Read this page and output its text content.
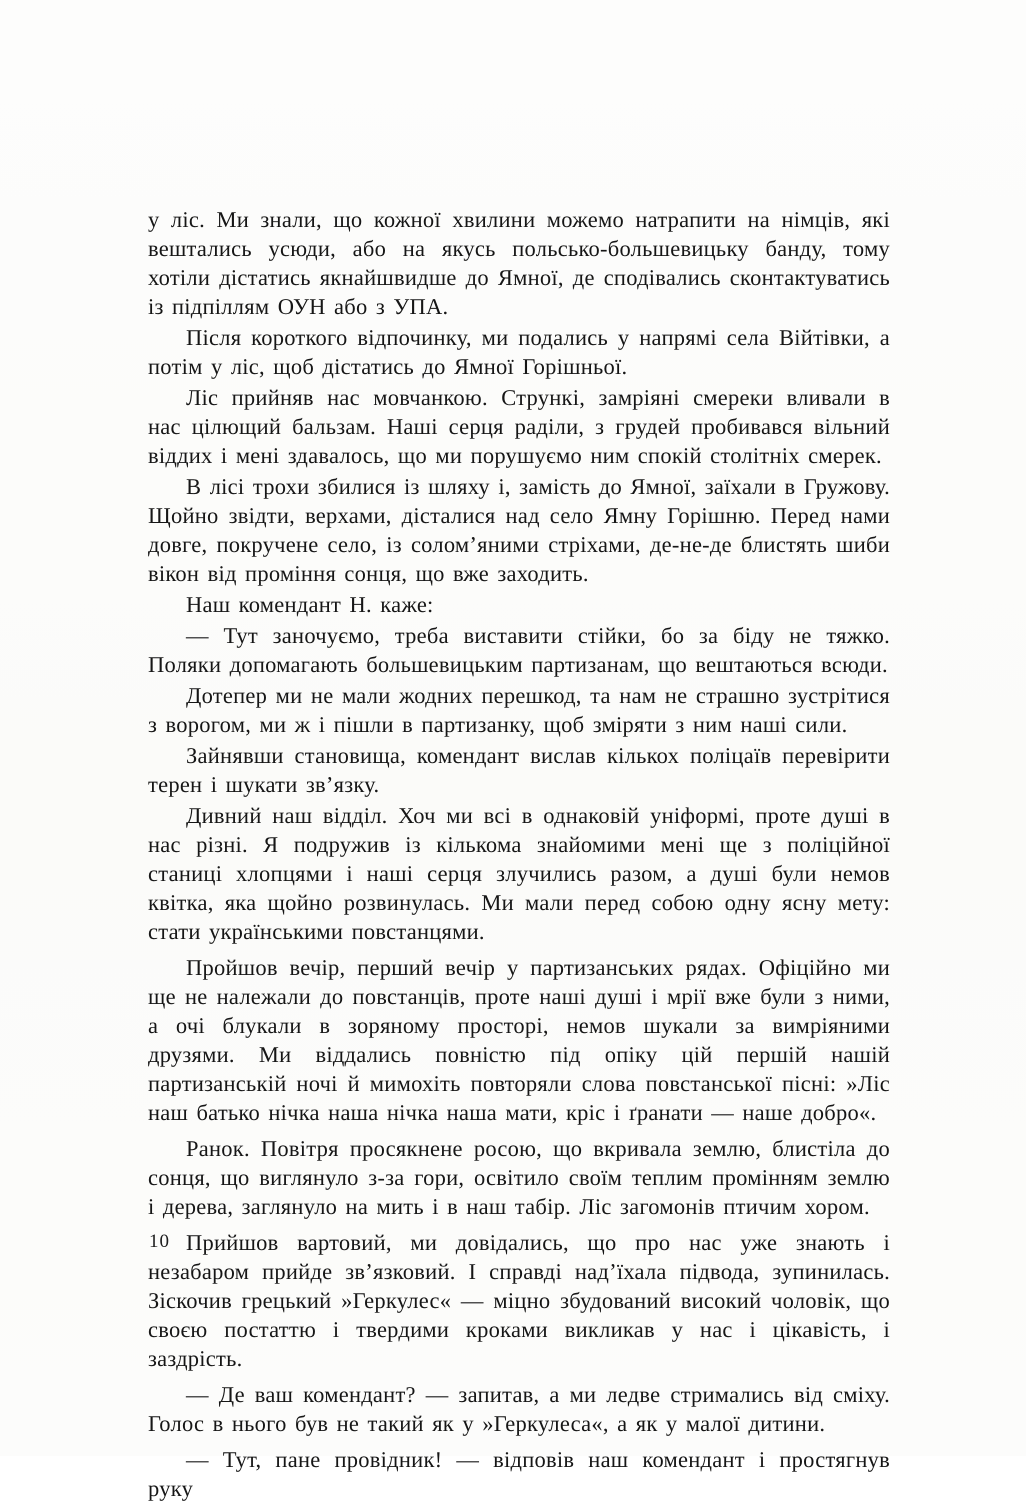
у ліс. Ми знали, що кожної хвилини можемо натрапити на німців, які вештались усюди, або на якусь польсько-большевицьку банду, тому хотіли дістатись якнайшвидше до Ямної, де сподівались сконтактуватись із підпіллям ОУН або з УПА.

Після короткого відпочинку, ми подались у напрямі села Війтівки, а потім у ліс, щоб дістатись до Ямної Горішньої.

Ліс прийняв нас мовчанкою. Стрункі, замріяні смереки вливали в нас цілющий бальзам. Наші серця раділи, з грудей пробивався вільний віддих і мені здавалось, що ми порушуємо ним спокій столітніх смерек.

В лісі трохи збилися із шляху і, замість до Ямної, заїхали в Гружову. Щойно звідти, верхами, дісталися над село Ямну Горішню. Перед нами довге, покручене село, із солом’яними стріхами, де-не-де блистять шиби вікон від проміння сонця, що вже заходить.

Наш комендант Н. каже:

— Тут заночуємо, треба виставити стійки, бо за біду не тяжко. Поляки допомагають большевицьким партизанам, що вештаються всюди.

Дотепер ми не мали жодних перешкод, та нам не страшно зустрітися з ворогом, ми ж і пішли в партизанку, щоб зміряти з ним наші сили.

Зайнявши становища, комендант вислав кількох поліцаїв перевірити терен і шукати зв’язку.

Дивний наш відділ. Хоч ми всі в однаковій уніформі, проте душі в нас різні. Я подружив із кількома знайомими мені ще з поліційної станиці хлопцями і наші серця злучились разом, а душі були немов квітка, яка щойно розвинулась. Ми мали перед собою одну ясну мету: стати українськими повстанцями.

Пройшов вечір, перший вечір у партизанських рядах. Офіційно ми ще не належали до повстанців, проте наші душі і мрії вже були з ними, а очі блукали в зоряному просторі, немов шукали за вимріяними друзями. Ми віддались повністю під опіку цій першій нашій партизанській ночі й мимохіть повторяли слова повстанської пісні: »Ліс наш батько нічка наша нічка наша мати, кріс і ґранати — наше добро«.

Ранок. Повітря просякнене росою, що вкривала землю, блистіла до сонця, що виглянуло з-за гори, освітило своїм теплим промінням землю і дерева, заглянуло на мить і в наш табір. Ліс загомонів птичим хором.

Прийшов вартовий, ми довідались, що про нас уже знають і незабаром прийде зв’язковий. І справді над’їхала підвода, зупинилась. Зіскочив грецький »Геркулес« — міцно збудований високий чоловік, що своєю постаттю і твердими кроками викликав у нас і цікавість, і заздрість.

— Де ваш комендант? — запитав, а ми ледве стримались від сміху. Голос в нього був не такий як у »Геркулеса«, а як у малої дитини.

— Тут, пане провідник! — відповів наш комендант і простягнув руку

10
